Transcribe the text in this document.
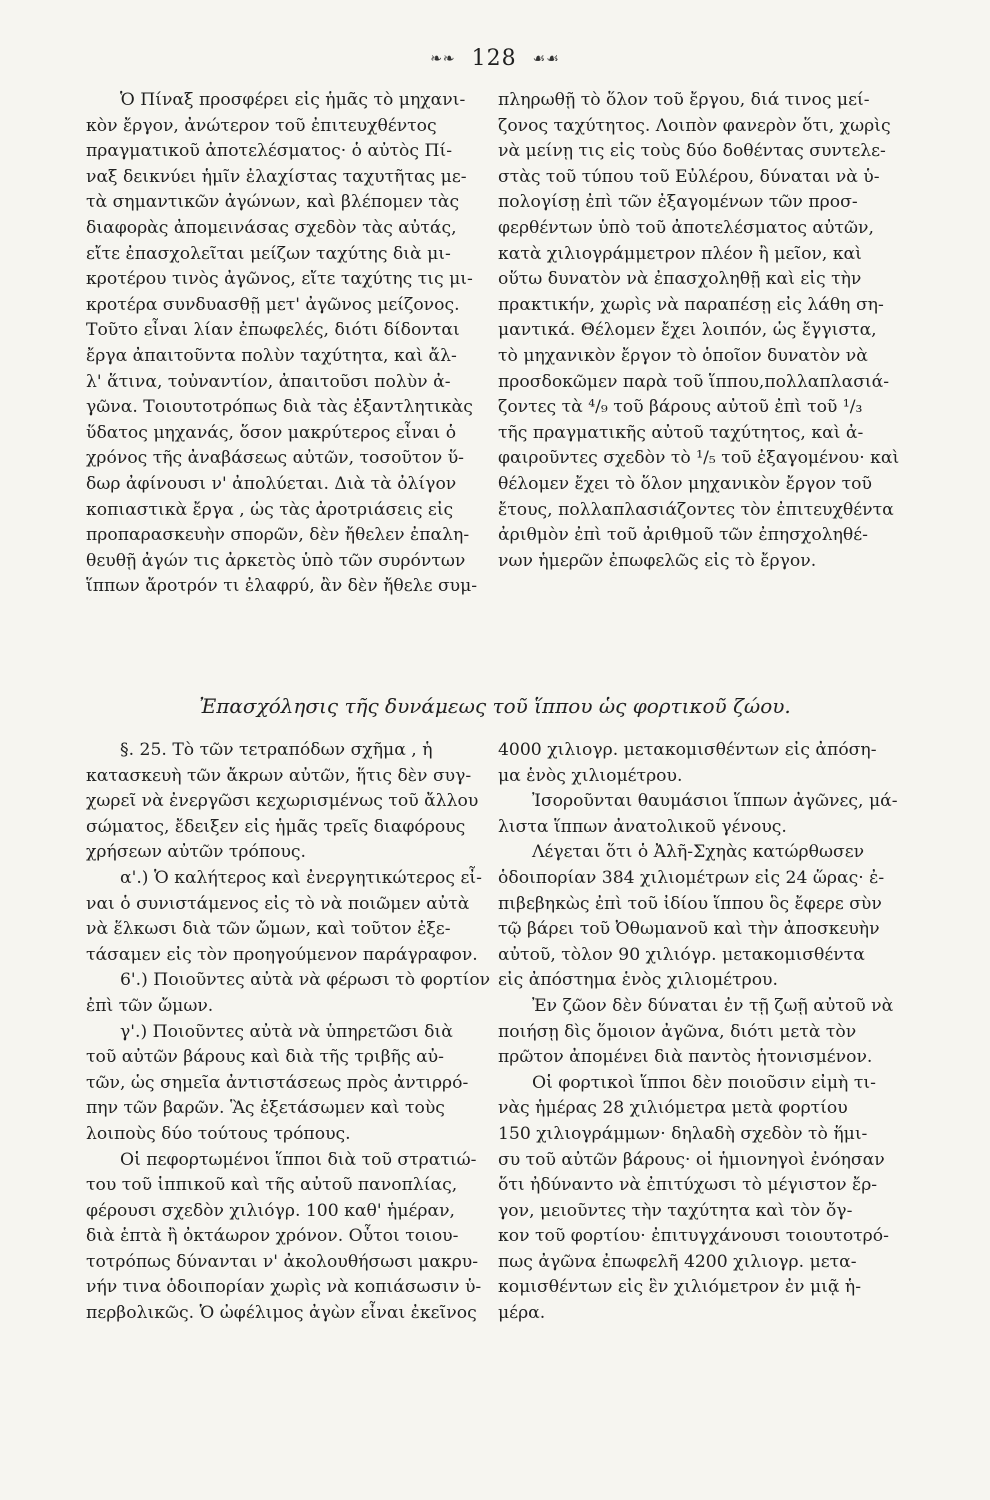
❧❧ 128 ☙☙
Ὁ Πίναξ προσφέρει εἰς ἡμᾶς τὸ μηχανι-
κὸν ἔργον, ἀνώτερον τοῦ ἐπιτευχθέντος
πραγματικοῦ ἀποτελέσματος· ὁ αὐτὸς Πί-
ναξ δεικνύει ἡμῖν ἐλαχίστας ταχυτῆτας με-
τὰ σημαντικῶν ἀγώνων, καὶ βλέπομεν τὰς
διαφορὰς ἀπομεινάσας σχεδὸν τὰς αὐτάς,
εἴτε ἐπασχολεῖται μείζων ταχύτης διὰ μι-
κροτέρου τινὸς ἀγῶνος, εἴτε ταχύτης τις μι-
κροτέρα συνδυασθῇ μετ' ἀγῶνος μείζονος.
Τοῦτο εἶναι λίαν ἐπωφελές, διότι δίδονται
ἔργα ἀπαιτοῦντα πολὺν ταχύτητα, καὶ ἄλ-
λ' ἅτινα, τοὐναντίον, ἀπαιτοῦσι πολὺν ἀ-
γῶνα. Τοιουτοτρόπως διὰ τὰς ἐξαντλητικὰς
ὕδατος μηχανάς, ὅσον μακρύτερος εἶναι ὁ
χρόνος τῆς ἀναβάσεως αὐτῶν, τοσοῦτον ὕ-
δωρ ἀφίνουσι ν' ἀπολύεται. Διὰ τὰ ὀλίγον
κοπιαστικὰ ἔργα , ὡς τὰς ἀροτριάσεις εἰς
προπαρασκευὴν σπορῶν, δὲν ἤθελεν ἐπαλη-
θευθῇ ἀγών τις ἀρκετὸς ὑπὸ τῶν συρόντων
ἵππων ἄροτρόν τι ἐλαφρύ, ἂν δὲν ἤθελε συμ-
πληρωθῇ τὸ ὅλον τοῦ ἔργου, διά τινος μεί-
ζονος ταχύτητος. Λοιπὸν φανερὸν ὅτι, χωρὶς
νὰ μείνῃ τις εἰς τοὺς δύο δοθέντας συντελε-
στὰς τοῦ τύπου τοῦ Εὐλέρου, δύναται νὰ ὑ-
πολογίσῃ ἐπὶ τῶν ἐξαγομένων τῶν προσ-
φερθέντων ὑπὸ τοῦ ἀποτελέσματος αὐτῶν,
κατὰ χιλιογράμμετρον πλέον ἢ μεῖον, καὶ
οὕτω δυνατὸν νὰ ἐπασχοληθῇ καὶ εἰς τὴν
πρακτικήν, χωρὶς νὰ παραπέσῃ εἰς λάθη ση-
μαντικά. Θέλομεν ἔχει λοιπόν, ὡς ἔγγιστα,
τὸ μηχανικὸν ἔργον τὸ ὁποῖον δυνατὸν νὰ
προσδοκῶμεν παρὰ τοῦ ἵππου,πολλαπλασιά-
ζοντες τὰ ⁴/₉ τοῦ βάρους αὐτοῦ ἐπὶ τοῦ ¹/₃
τῆς πραγματικῆς αὐτοῦ ταχύτητος, καὶ ἀ-
φαιροῦντες σχεδὸν τὸ ¹/₅ τοῦ ἐξαγομένου· καὶ
θέλομεν ἔχει τὸ ὅλον μηχανικὸν ἔργον τοῦ
ἔτους, πολλαπλασιάζοντες τὸν ἐπιτευχθέντα
ἀριθμὸν ἐπὶ τοῦ ἀριθμοῦ τῶν ἐπησχοληθέ-
νων ἡμερῶν ἐπωφελῶς εἰς τὸ ἔργον.
Ἐπασχόλησις τῆς δυνάμεως τοῦ ἵππου ὡς φορτικοῦ ζώου.
§. 25. Τὸ τῶν τετραπόδων σχῆμα , ἡ
κατασκευὴ τῶν ἄκρων αὐτῶν, ἥτις δὲν συγ-
χωρεῖ νὰ ἐνεργῶσι κεχωρισμένως τοῦ ἄλλου
σώματος, ἔδειξεν εἰς ἡμᾶς τρεῖς διαφόρους
χρήσεων αὐτῶν τρόπους.
α'.) Ὁ καλήτερος καὶ ἐνεργητικώτερος εἶ-
ναι ὁ συνιστάμενος εἰς τὸ νὰ ποιῶμεν αὐτὰ
νὰ ἕλκωσι διὰ τῶν ὤμων, καὶ τοῦτον ἐξε-
τάσαμεν εἰς τὸν προηγούμενον παράγραφον.
6'.) Ποιοῦντες αὐτὰ νὰ φέρωσι τὸ φορτίον
ἐπὶ τῶν ὤμων.
γ'.) Ποιοῦντες αὐτὰ νὰ ὑπηρετῶσι διὰ
τοῦ αὐτῶν βάρους καὶ διὰ τῆς τριβῆς αὐ-
τῶν, ὡς σημεῖα ἀντιστάσεως πρὸς ἀντιρρό-
πην τῶν βαρῶν. Ἃς ἐξετάσωμεν καὶ τοὺς
λοιποὺς δύο τούτους τρόπους.
Οἱ πεφορτωμένοι ἵπποι διὰ τοῦ στρατιώ-
του τοῦ ἱππικοῦ καὶ τῆς αὐτοῦ πανοπλίας,
φέρουσι σχεδὸν χιλιόγρ. 100 καθ' ἡμέραν,
διὰ ἑπτὰ ἢ ὀκτάωρον χρόνον. Οὗτοι τοιου-
τοτρόπως δύνανται ν' ἀκολουθήσωσι μακρυ-
νήν τινα ὁδοιπορίαν χωρὶς νὰ κοπιάσωσιν ὑ-
περβολικῶς. Ὁ ὠφέλιμος ἀγὼν εἶναι ἐκεῖνος
4000 χιλιογρ. μετακομισθέντων εἰς ἀπόση-
μα ἑνὸς χιλιομέτρου.
Ἰσοροῦνται θαυμάσιοι ἵππων ἀγῶνες, μά-
λιστα ἵππων ἀνατολικοῦ γένους.
Λέγεται ὅτι ὁ Ἀλῆ-Σχηὰς κατώρθωσεν
ὁδοιπορίαν 384 χιλιομέτρων εἰς 24 ὥρας· ἐ-
πιβεβηκὼς ἐπὶ τοῦ ἰδίου ἵππου ὃς ἔφερε σὺν
τῷ βάρει τοῦ Ὀθωμανοῦ καὶ τὴν ἀποσκευὴν
αὐτοῦ, τὸλον 90 χιλιόγρ. μετακομισθέντα
εἰς ἀπόστημα ἑνὸς χιλιομέτρου.
Ἐν ζῶον δὲν δύναται ἐν τῇ ζωῇ αὐτοῦ νὰ
ποιήσῃ δὶς ὅμοιον ἀγῶνα, διότι μετὰ τὸν
πρῶτον ἀπομένει διὰ παντὸς ἡτονισμένον.
Οἱ φορτικοὶ ἵπποι δὲν ποιοῦσιν εἰμὴ τι-
νὰς ἡμέρας 28 χιλιόμετρα μετὰ φορτίου
150 χιλιογράμμων· δηλαδὴ σχεδὸν τὸ ἥμι-
συ τοῦ αὐτῶν βάρους· οἱ ἡμιονηγοὶ ἐνόησαν
ὅτι ἠδύναντο νὰ ἐπιτύχωσι τὸ μέγιστον ἔρ-
γον, μειοῦντες τὴν ταχύτητα καὶ τὸν ὄγ-
κον τοῦ φορτίου· ἐπιτυγχάνουσι τοιουτοτρό-
πως ἀγῶνα ἐπωφελῆ 4200 χιλιογρ. μετα-
κομισθέντων εἰς ἓν χιλιόμετρον ἐν μιᾷ ἡ-
μέρα.
